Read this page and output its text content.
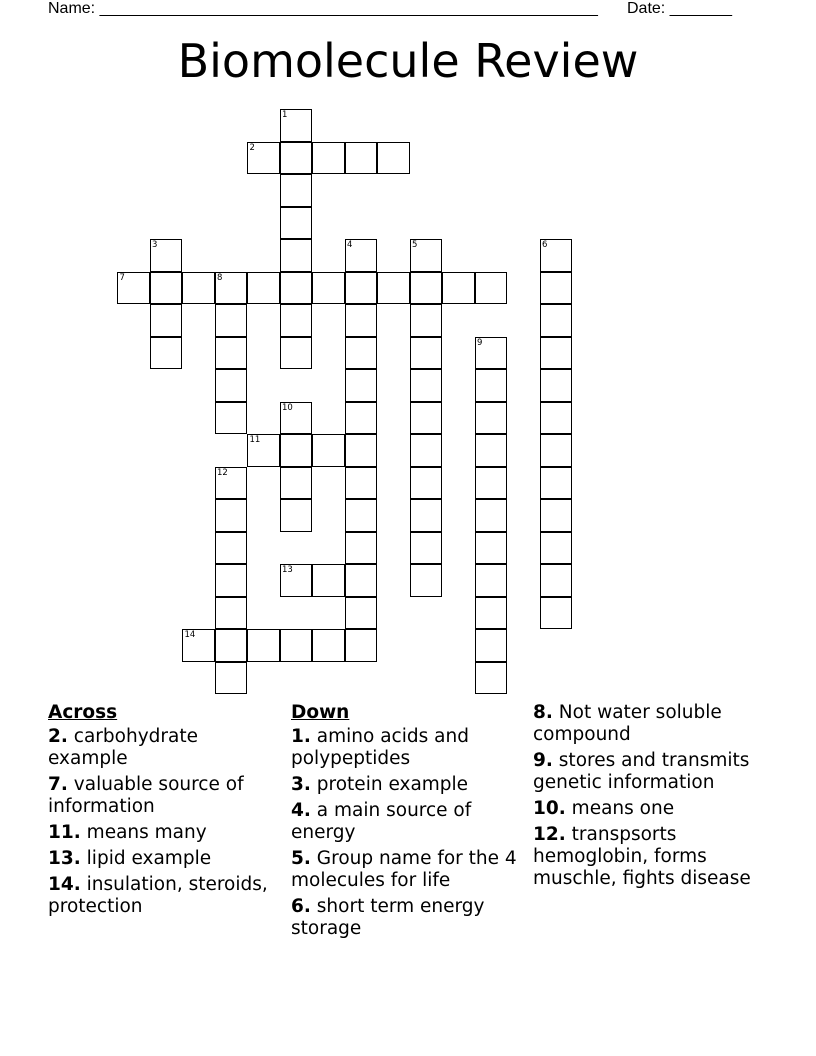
Name: ________________________________________________________ Date: _______
Biomolecule Review
1
2
3	4	5	6
7	8
9
10
11
12
13
14
Across
2. carbohydrate example
7. valuable source of information
11. means many
13. lipid example
14. insulation, steroids, protection
Down
1. amino acids and polypeptides
3. protein example
4. a main source of energy
5. Group name for the 4 molecules for life
6. short term energy storage
8. Not water soluble compound
9. stores and transmits genetic information
10. means one
12. transpsorts hemoglobin, forms muschle, fights disease
